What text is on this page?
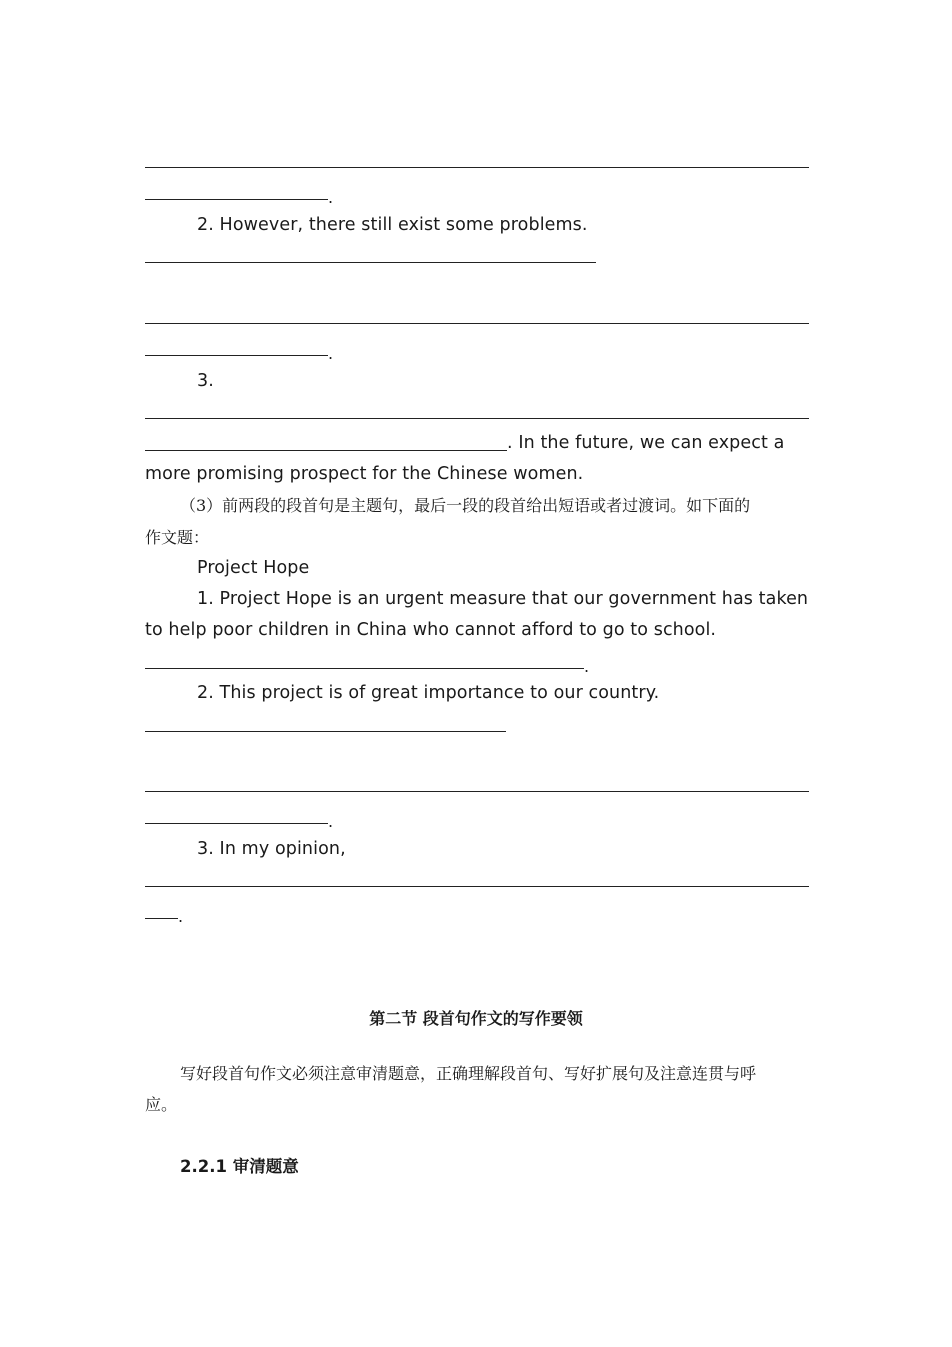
.
2. However, there still exist some problems.
.
3.
. In the future, we can expect a
more promising prospect for the Chinese women.
（3）前两段的段首句是主题句，最后一段的段首给出短语或者过渡词。如下面的
作文题：
Project Hope
1. Project Hope is an urgent measure that our government has taken
to help poor children in China who cannot afford to go to school.
.
2. This project is of great importance to our country.
.
3. In my opinion,
.
第二节 段首句作文的写作要领
写好段首句作文必须注意审清题意，正确理解段首句、写好扩展句及注意连贯与呼
应。
2.2.1 审清题意
